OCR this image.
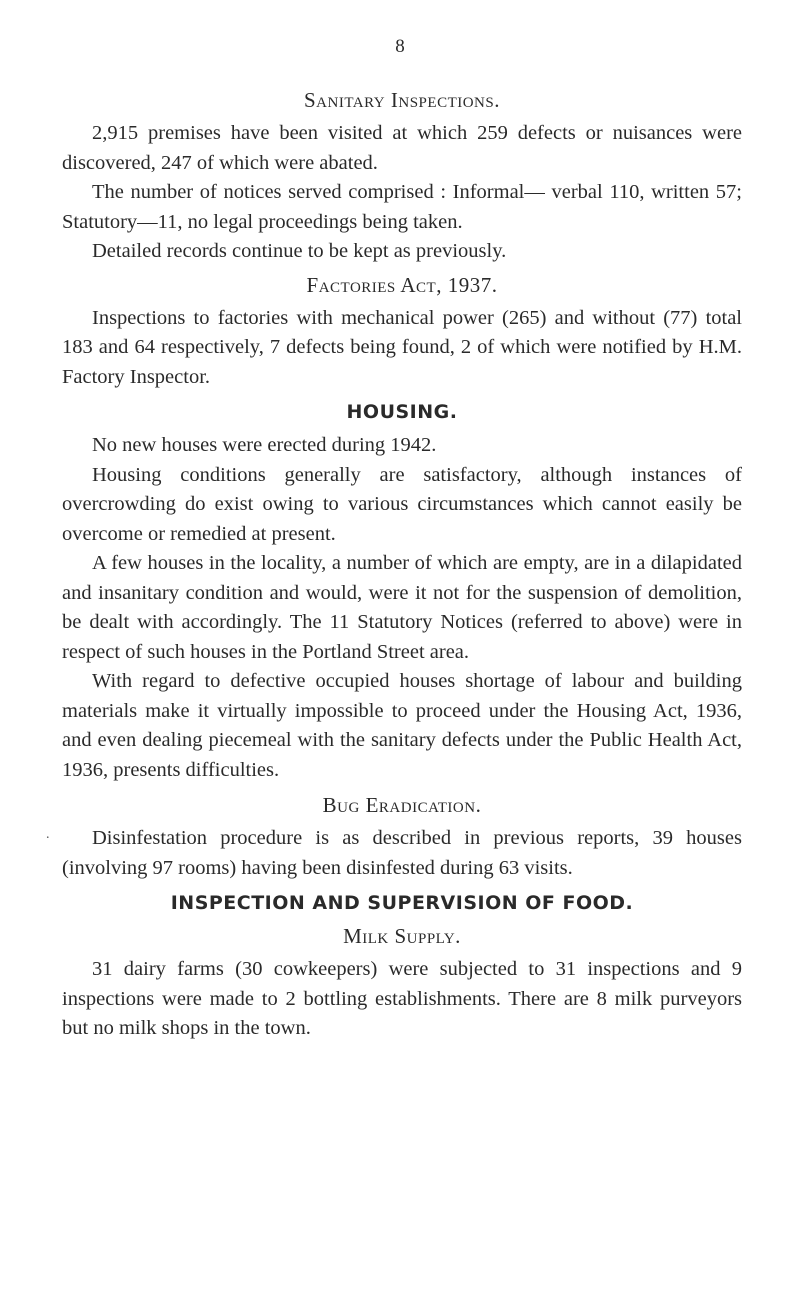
8
.
Sanitary Inspections.

2,915 premises have been visited at which 259 defects or nuisances were discovered, 247 of which were abated.

The number of notices served comprised : Informal— verbal 110, written 57; Statutory—11, no legal proceedings being taken.

Detailed records continue to be kept as previously.

Factories Act, 1937.

Inspections to factories with mechanical power (265) and without (77) total 183 and 64 respectively, 7 defects being found, 2 of which were notified by H.M. Factory Inspector.

HOUSING.

No new houses were erected during 1942.

Housing conditions generally are satisfactory, although instances of overcrowding do exist owing to various circumstances which cannot easily be overcome or remedied at present.

A few houses in the locality, a number of which are empty, are in a dilapidated and insanitary condition and would, were it not for the suspension of demolition, be dealt with accordingly. The 11 Statutory Notices (referred to above) were in respect of such houses in the Portland Street area.

With regard to defective occupied houses shortage of labour and building materials make it virtually impossible to proceed under the Housing Act, 1936, and even dealing piecemeal with the sanitary defects under the Public Health Act, 1936, presents difficulties.

Bug Eradication.

Disinfestation procedure is as described in previous reports, 39 houses (involving 97 rooms) having been disinfested during 63 visits.

INSPECTION AND SUPERVISION OF FOOD.
Milk Supply.

31 dairy farms (30 cowkeepers) were subjected to 31 inspections and 9 inspections were made to 2 bottling establishments. There are 8 milk purveyors but no milk shops in the town.
